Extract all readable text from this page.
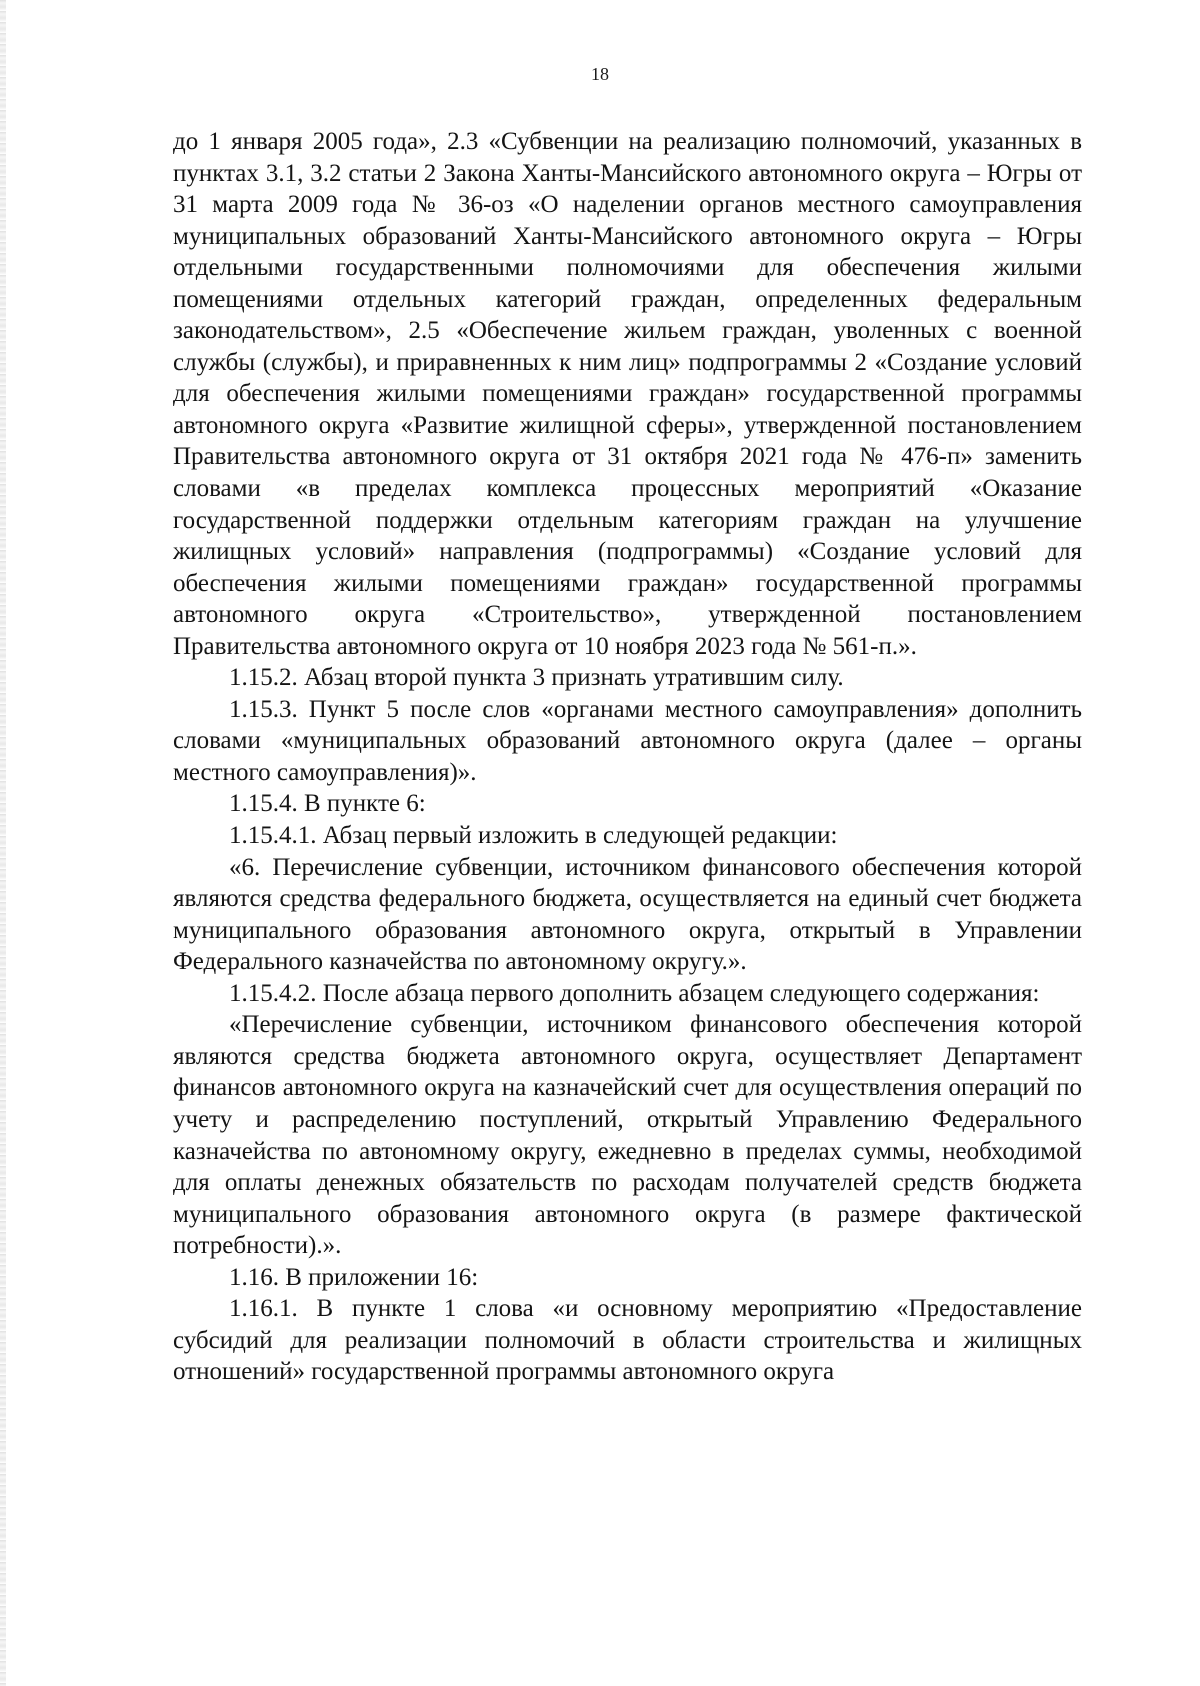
18

до 1 января 2005 года», 2.3 «Субвенции на реализацию полномочий, указанных в пунктах 3.1, 3.2 статьи 2 Закона Ханты-Мансийского автономного округа – Югры от 31 марта 2009 года № 36-оз «О наделении органов местного самоуправления муниципальных образований Ханты-Мансийского автономного округа – Югры отдельными государственными полномочиями для обеспечения жилыми помещениями отдельных категорий граждан, определенных федеральным законодательством», 2.5 «Обеспечение жильем граждан, уволенных с военной службы (службы), и приравненных к ним лиц» подпрограммы 2 «Создание условий для обеспечения жилыми помещениями граждан» государственной программы автономного округа «Развитие жилищной сферы», утвержденной постановлением Правительства автономного округа от 31 октября 2021 года № 476-п» заменить словами «в пределах комплекса процессных мероприятий «Оказание государственной поддержки отдельным категориям граждан на улучшение жилищных условий» направления (подпрограммы) «Создание условий для обеспечения жилыми помещениями граждан» государственной программы автономного округа «Строительство», утвержденной постановлением Правительства автономного округа от 10 ноября 2023 года № 561-п.».

1.15.2. Абзац второй пункта 3 признать утратившим силу.

1.15.3. Пункт 5 после слов «органами местного самоуправления» дополнить словами «муниципальных образований автономного округа (далее – органы местного самоуправления)».

1.15.4. В пункте 6:

1.15.4.1. Абзац первый изложить в следующей редакции:

«6. Перечисление субвенции, источником финансового обеспечения которой являются средства федерального бюджета, осуществляется на единый счет бюджета муниципального образования автономного округа, открытый в Управлении Федерального казначейства по автономному округу.».

1.15.4.2. После абзаца первого дополнить абзацем следующего содержания:

«Перечисление субвенции, источником финансового обеспечения которой являются средства бюджета автономного округа, осуществляет Департамент финансов автономного округа на казначейский счет для осуществления операций по учету и распределению поступлений, открытый Управлению Федерального казначейства по автономному округу, ежедневно в пределах суммы, необходимой для оплаты денежных обязательств по расходам получателей средств бюджета муниципального образования автономного округа (в размере фактической потребности).».

1.16. В приложении 16:

1.16.1. В пункте 1 слова «и основному мероприятию «Предоставление субсидий для реализации полномочий в области строительства и жилищных отношений» государственной программы автономного округа
